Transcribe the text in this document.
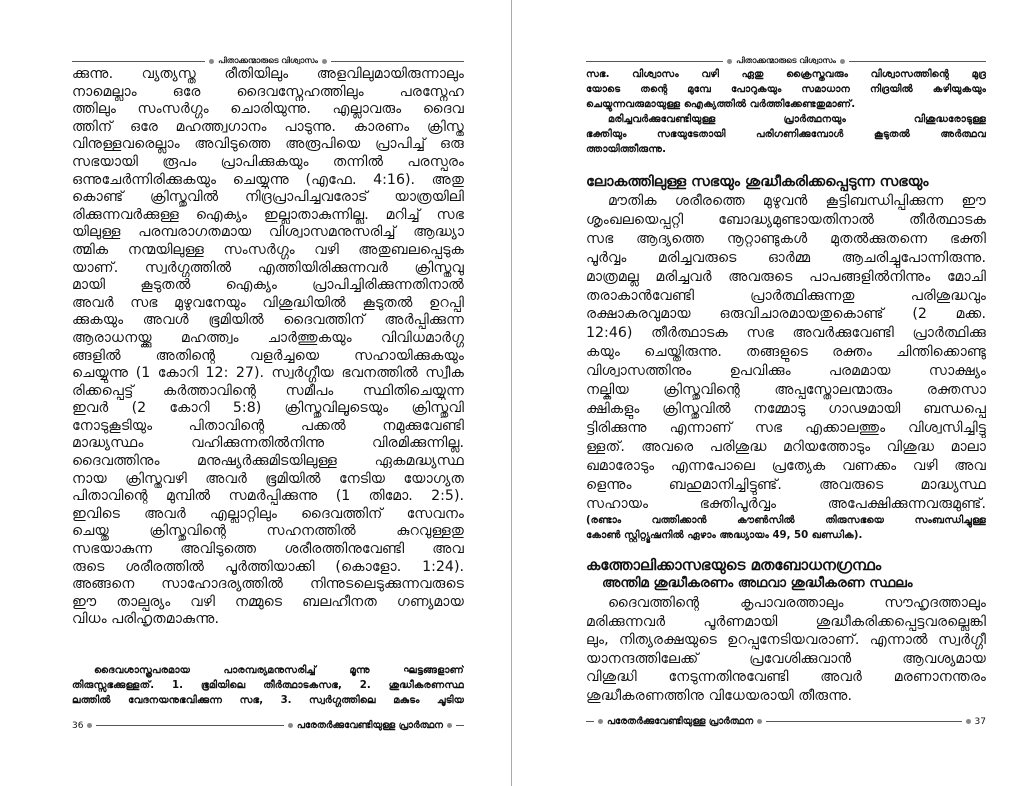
പിതാക്കന്മാരുടെ വിശ്വാസം
ക്കുന്നു. വ്യത്യസ്ത രീതിയിലും അളവിലുമായിരുന്നാലും
നാമെല്ലാം ഒരേ ദൈവസ്നേഹത്തിലും പരസ്നേഹ
ത്തിലും സംസർഗ്ഗം ചൊരിയുന്നു. എല്ലാവരും ദൈവ
ത്തിന് ഒരേ മഹത്ത്വഗാനം പാടുന്നു. കാരണം ക്രിസ്തു
വിനുള്ളവരെല്ലാം അവിടുത്തെ അരൂപിയെ പ്രാപിച്ച് ഒരു
സഭയായി രൂപം പ്രാപിക്കുകയും തന്നിൽ പരസ്പരം
ഒന്നുചേർന്നിരിക്കുകയും ചെയ്യുന്നു (എഫേ. 4:16). അതു
കൊണ്ട് ക്രിസ്തുവിൽ നിദ്രപ്രാപിച്ചവരോട് യാത്രയിലി
രിക്കുന്നവർക്കുള്ള ഐക്യം ഇല്ലാതാകുന്നില്ല. മറിച്ച് സഭ
യിലുള്ള പരമ്പരാഗതമായ വിശ്വാസമനുസരിച്ച് ആദ്ധ്യാ
ത്മിക നന്മയിലുള്ള സംസർഗ്ഗം വഴി അതുബലപ്പെടുക
യാണ്. സ്വർഗ്ഗത്തിൽ എത്തിയിരിക്കുന്നവർ ക്രിസ്തുവു
മായി കൂടുതൽ ഐക്യം പ്രാപിച്ചിരിക്കുന്നതിനാൽ
അവർ സഭ മുഴുവനേയും വിശുദ്ധിയിൽ കൂടുതൽ ഉറപ്പി
ക്കുകയും അവൾ ഭൂമിയിൽ ദൈവത്തിന് അർപ്പിക്കുന്ന
ആരാധനയ്ക്കു മഹത്ത്വം ചാർത്തുകയും വിവിധമാർഗ്ഗ
ങ്ങളിൽ അതിന്റെ വളർച്ചയെ സഹായിക്കുകയും
ചെയ്യുന്നു (1 കോറി 12: 27). സ്വർഗ്ഗീയ ഭവനത്തിൽ സ്വീക
രിക്കപ്പെട്ട് കർത്താവിന്റെ സമീപം സ്ഥിതിചെയ്യുന്ന
ഇവർ (2 കോറി 5:8) ക്രിസ്തുവിലൂടെയും ക്രിസ്തുവി
നോടുകൂടിയും പിതാവിന്റെ പക്കൽ നമുക്കുവേണ്ടി
മാദ്ധ്യസ്ഥം വഹിക്കുന്നതിൽനിന്നു വിരമിക്കുന്നില്ല.
ദൈവത്തിനും മനുഷ്യർക്കുമിടയിലുള്ള ഏകമദ്ധ്യസ്ഥ
നായ ക്രിസ്തുവഴി അവർ ഭൂമിയിൽ നേടിയ യോഗ്യത
പിതാവിന്റെ മുമ്പിൽ സമർപ്പിക്കുന്നു (1 തിമോ. 2:5).
ഇവിടെ അവർ എല്ലാറ്റിലും ദൈവത്തിന് സേവനം
ചെയ്തു ക്രിസ്തുവിന്റെ സഹനത്തിൽ കുറവുള്ളതു
സഭയാകുന്ന അവിടുത്തെ ശരീരത്തിനുവേണ്ടി അവ
രുടെ ശരീരത്തിൽ പൂർത്തിയാക്കി (കൊളോ. 1:24).
അങ്ങനെ സാഹോദര്യത്തിൽ നിന്നുടലെടുക്കുന്നവരുടെ
ഈ താല്പര്യം വഴി നമ്മുടെ ബലഹീനത ഗണ്യമായ
വിധം പരിഹൃതമാകുന്നു.
ദൈവശാസ്ത്രപരമായ പാരമ്പര്യമനുസരിച്ച് മൂന്നു ഘട്ടങ്ങളാണ്
തിരുസ്സഭക്കുള്ളത്. 1. ഭൂമിയിലെ തീർത്ഥാടകസഭ, 2. ശുദ്ധീകരണസ്ഥ
ലത്തിൽ വേദനയനുഭവിക്കുന്ന സഭ, 3. സ്വർഗ്ഗത്തിലെ മകുടം ചൂടിയ
36	പരേതർക്കുവേണ്ടിയുള്ള പ്രാർത്ഥന
പിതാക്കന്മാരുടെ വിശ്വാസം
സഭ. വിശ്വാസം വഴി ഏതു ക്രൈസ്തവരും വിശ്വാസത്തിന്റെ മുദ്ര
യോടെ തന്റെ മുമ്പേ പോറുകയും സമാധാന നിദ്രയിൽ കഴിയുകയും
ചെയ്യുന്നവരുമായുള്ള ഐക്യത്തിൽ വർത്തിക്കേണ്ടതുമാണ്.
മരിച്ചവർക്കുവേണ്ടിയുള്ള പ്രാർത്ഥനയും വിശുദ്ധരോടുള്ള
ഭക്തിയും സഭയുടേതായി പരിഗണിക്കുമ്പോൾ കൂടുതൽ അർത്ഥവ
ത്തായിത്തീരുന്നു.
ലോകത്തിലുള്ള സഭയും ശുദ്ധീകരിക്കപ്പെടുന്ന സഭയും
മൗതിക ശരീരത്തെ മുഴുവൻ കൂട്ടിബന്ധിപ്പിക്കുന്ന ഈ
ശൃംഖലയെപ്പറ്റി ബോദ്ധ്യമുണ്ടായതിനാൽ തീർത്ഥാടക
സഭ ആദ്യത്തെ നൂറ്റാണ്ടുകൾ മുതൽക്കുതന്നെ ഭക്തി
പൂർവ്വം മരിച്ചവരുടെ ഓർമ്മ ആചരിച്ചുപോന്നിരുന്നു.
മാത്രമല്ല മരിച്ചവർ അവരുടെ പാപങ്ങളിൽനിന്നും മോചി
തരാകാൻവേണ്ടി പ്രാർത്ഥിക്കുന്നതു പരിശുദ്ധവും
രക്ഷാകരവുമായ ഒരുവിചാരമായതുകൊണ്ട് (2 മക്ക.
12:46) തീർത്ഥാടക സഭ അവർക്കുവേണ്ടി പ്രാർത്ഥിക്കു
കയും ചെയ്തിരുന്നു. തങ്ങളുടെ രക്തം ചിന്തിക്കൊണ്ടു
വിശ്വാസത്തിനും ഉപവിക്കും പരമമായ സാക്ഷ്യം
നല്കിയ ക്രിസ്തുവിന്റെ അപ്പസ്തോലന്മാരും രക്തസാ
ക്ഷികളും ക്രിസ്തുവിൽ നമ്മോടു ഗാഢമായി ബന്ധപ്പെ
ട്ടിരിക്കുന്നു എന്നാണ് സഭ എക്കാലത്തും വിശ്വസിച്ചിട്ടു
ള്ളത്. അവരെ പരിശുദ്ധ മറിയത്തോടും വിശുദ്ധ മാലാ
ഖമാരോടും എന്നപോലെ പ്രത്യേക വണക്കം വഴി അവ
ളെന്നും ബഹുമാനിച്ചിട്ടുണ്ട്. അവരുടെ മാദ്ധ്യസ്ഥ
സഹായം ഭക്തിപൂർവ്വം അപേക്ഷിക്കുന്നവരുമുണ്ട്.
(രണ്ടാം വത്തിക്കാൻ കൗൺസിൽ തിരുസഭയെ സംബന്ധിച്ചുള്ള
കോൺ സ്റ്റിറ്റ്യൂഷനിൽ ഏഴാം അദ്ധ്യായം 49, 50 ഖണ്ഡിക).
കത്തോലിക്കാസഭയുടെ മതബോധനഗ്രന്ഥം
അന്തിമ ശുദ്ധീകരണം അഥവാ ശുദ്ധീകരണ സ്ഥലം
ദൈവത്തിന്റെ കൃപാവരത്താലും സൗഹൃദത്താലും
മരിക്കുന്നവർ പൂർണമായി ശുദ്ധീകരിക്കപ്പെട്ടവരല്ലെങ്കി
ലും, നിത്യരക്ഷയുടെ ഉറപ്പുനേടിയവരാണ്. എന്നാൽ സ്വർഗ്ഗീ
യാനന്ദത്തിലേക്ക് പ്രവേശിക്കുവാൻ ആവശ്യമായ
വിശുദ്ധി നേടുന്നതിനുവേണ്ടി അവർ മരണാനന്തരം
ശുദ്ധീകരണത്തിനു വിധേയരായി തീരുന്നു.
പരേതർക്കുവേണ്ടിയുള്ള പ്രാർത്ഥന	37
